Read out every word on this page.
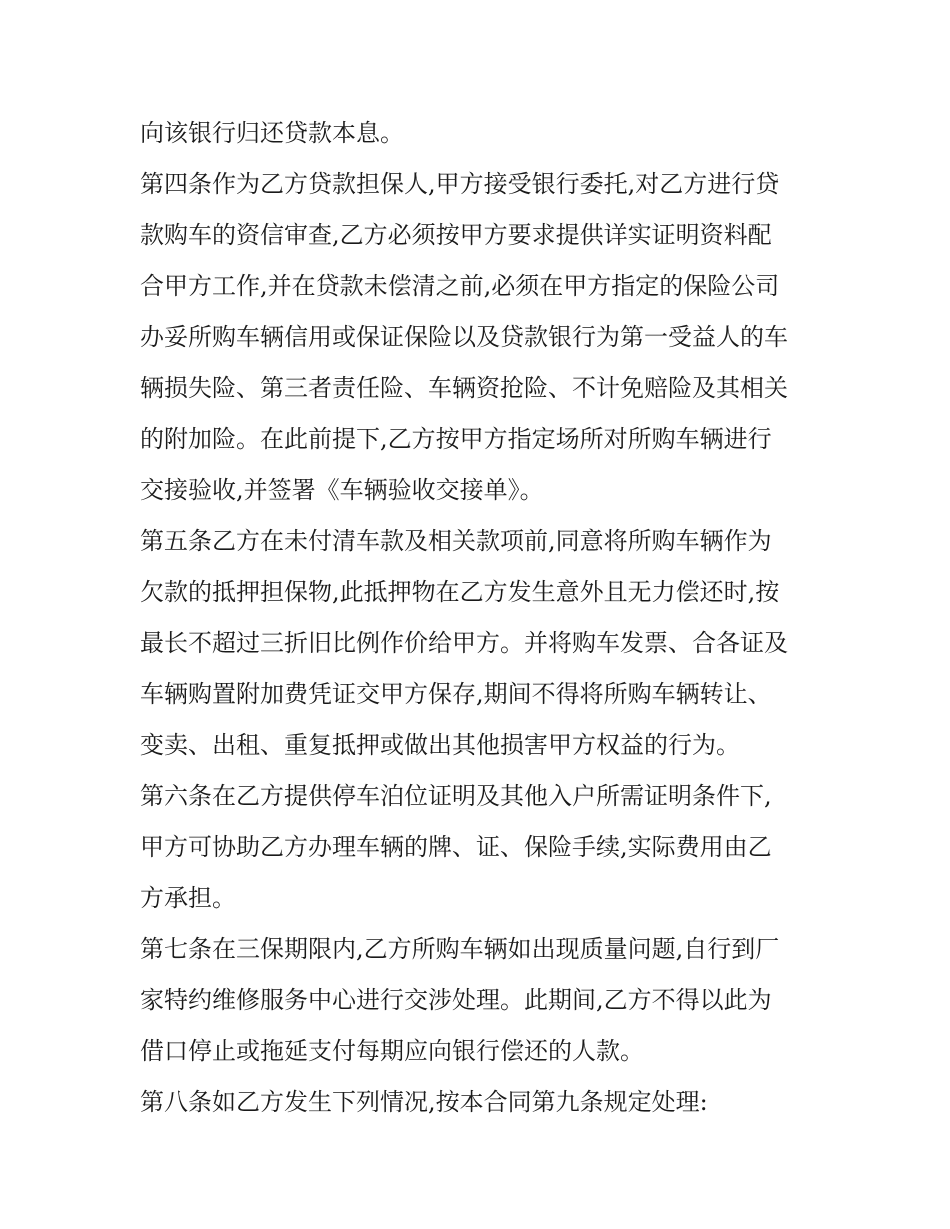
向该银行归还贷款本息。
第四条作为乙方贷款担保人,甲方接受银行委托,对乙方进行贷
款购车的资信审查,乙方必须按甲方要求提供详实证明资料配
合甲方工作,并在贷款未偿清之前,必须在甲方指定的保险公司
办妥所购车辆信用或保证保险以及贷款银行为第一受益人的车
辆损失险、第三者责任险、车辆资抢险、不计免赔险及其相关
的附加险。在此前提下,乙方按甲方指定场所对所购车辆进行
交接验收,并签署《车辆验收交接单》。
第五条乙方在未付清车款及相关款项前,同意将所购车辆作为
欠款的抵押担保物,此抵押物在乙方发生意外且无力偿还时,按
最长不超过三折旧比例作价给甲方。并将购车发票、合各证及
车辆购置附加费凭证交甲方保存,期间不得将所购车辆转让、
变卖、出租、重复抵押或做出其他损害甲方权益的行为。
第六条在乙方提供停车泊位证明及其他入户所需证明条件下,
甲方可协助乙方办理车辆的牌、证、保险手续,实际费用由乙
方承担。
第七条在三保期限内,乙方所购车辆如出现质量问题,自行到厂
家特约维修服务中心进行交涉处理。此期间,乙方不得以此为
借口停止或拖延支付每期应向银行偿还的人款。
第八条如乙方发生下列情况,按本合同第九条规定处理:
